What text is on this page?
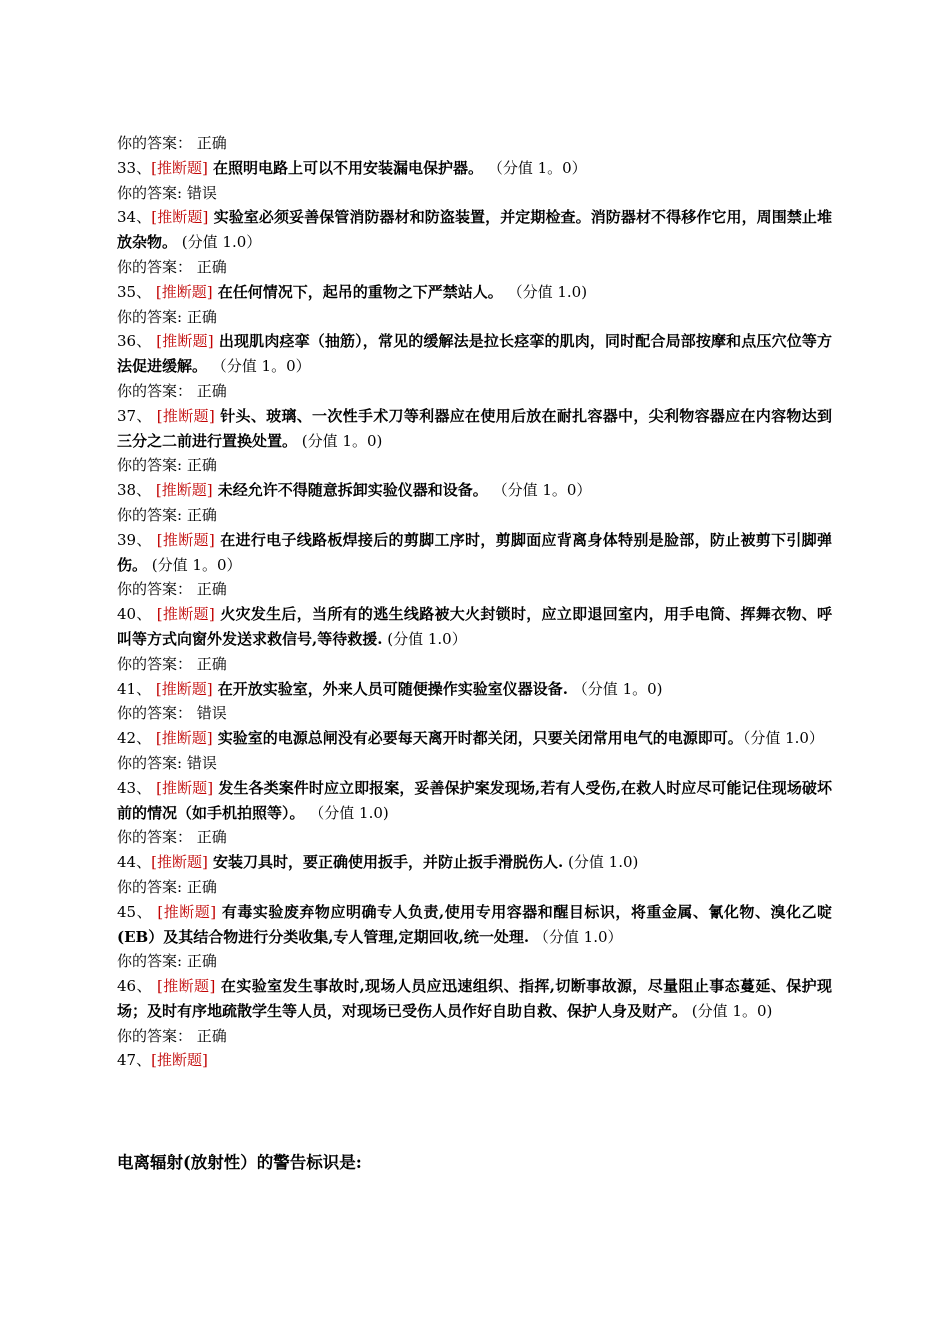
你的答案： 正确
33、[推断题] 在照明电路上可以不用安装漏电保护器。 （分值 1。0）
你的答案: 错误
34、[推断题] 实验室必须妥善保管消防器材和防盗装置，并定期检查。消防器材不得移作它用，周围禁止堆放杂物。 (分值 1.0）
你的答案： 正确
35、 [推断题] 在任何情况下，起吊的重物之下严禁站人。 （分值 1.0)
你的答案: 正确
36、 [推断题] 出现肌肉痉挛（抽筋），常见的缓解法是拉长痉挛的肌肉，同时配合局部按摩和点压穴位等方法促进缓解。 （分值 1。0）
你的答案： 正确
37、 [推断题] 针头、玻璃、一次性手术刀等利器应在使用后放在耐扎容器中，尖利物容器应在内容物达到三分之二前进行置换处置。 (分值 1。0)
你的答案: 正确
38、 [推断题] 未经允许不得随意拆卸实验仪器和设备。 （分值 1。0）
你的答案: 正确
39、 [推断题] 在进行电子线路板焊接后的剪脚工序时，剪脚面应背离身体特别是脸部，防止被剪下引脚弹伤。 (分值 1。0）
你的答案： 正确
40、 [推断题] 火灾发生后，当所有的逃生线路被大火封锁时，应立即退回室内，用手电筒、挥舞衣物、呼叫等方式向窗外发送求救信号,等待救援. (分值 1.0）
你的答案： 正确
41、 [推断题] 在开放实验室，外来人员可随便操作实验室仪器设备. （分值 1。0)
你的答案： 错误
42、 [推断题] 实验室的电源总闸没有必要每天离开时都关闭，只要关闭常用电气的电源即可。（分值 1.0）
你的答案: 错误
43、 [推断题] 发生各类案件时应立即报案，妥善保护案发现场,若有人受伤,在救人时应尽可能记住现场破坏前的情况（如手机拍照等）。 （分值 1.0)
你的答案： 正确
44、[推断题] 安装刀具时，要正确使用扳手，并防止扳手滑脱伤人. (分值 1.0)
你的答案: 正确
45、 [推断题] 有毒实验废弃物应明确专人负责,使用专用容器和醒目标识，将重金属、氰化物、溴化乙啶(EB）及其结合物进行分类收集,专人管理,定期回收,统一处理. （分值 1.0）
你的答案: 正确
46、 [推断题] 在实验室发生事故时,现场人员应迅速组织、指挥,切断事故源，尽量阻止事态蔓延、保护现场；及时有序地疏散学生等人员，对现场已受伤人员作好自助自救、保护人身及财产。 (分值 1。0)
你的答案： 正确
47、[推断题]
电离辐射(放射性）的警告标识是:
